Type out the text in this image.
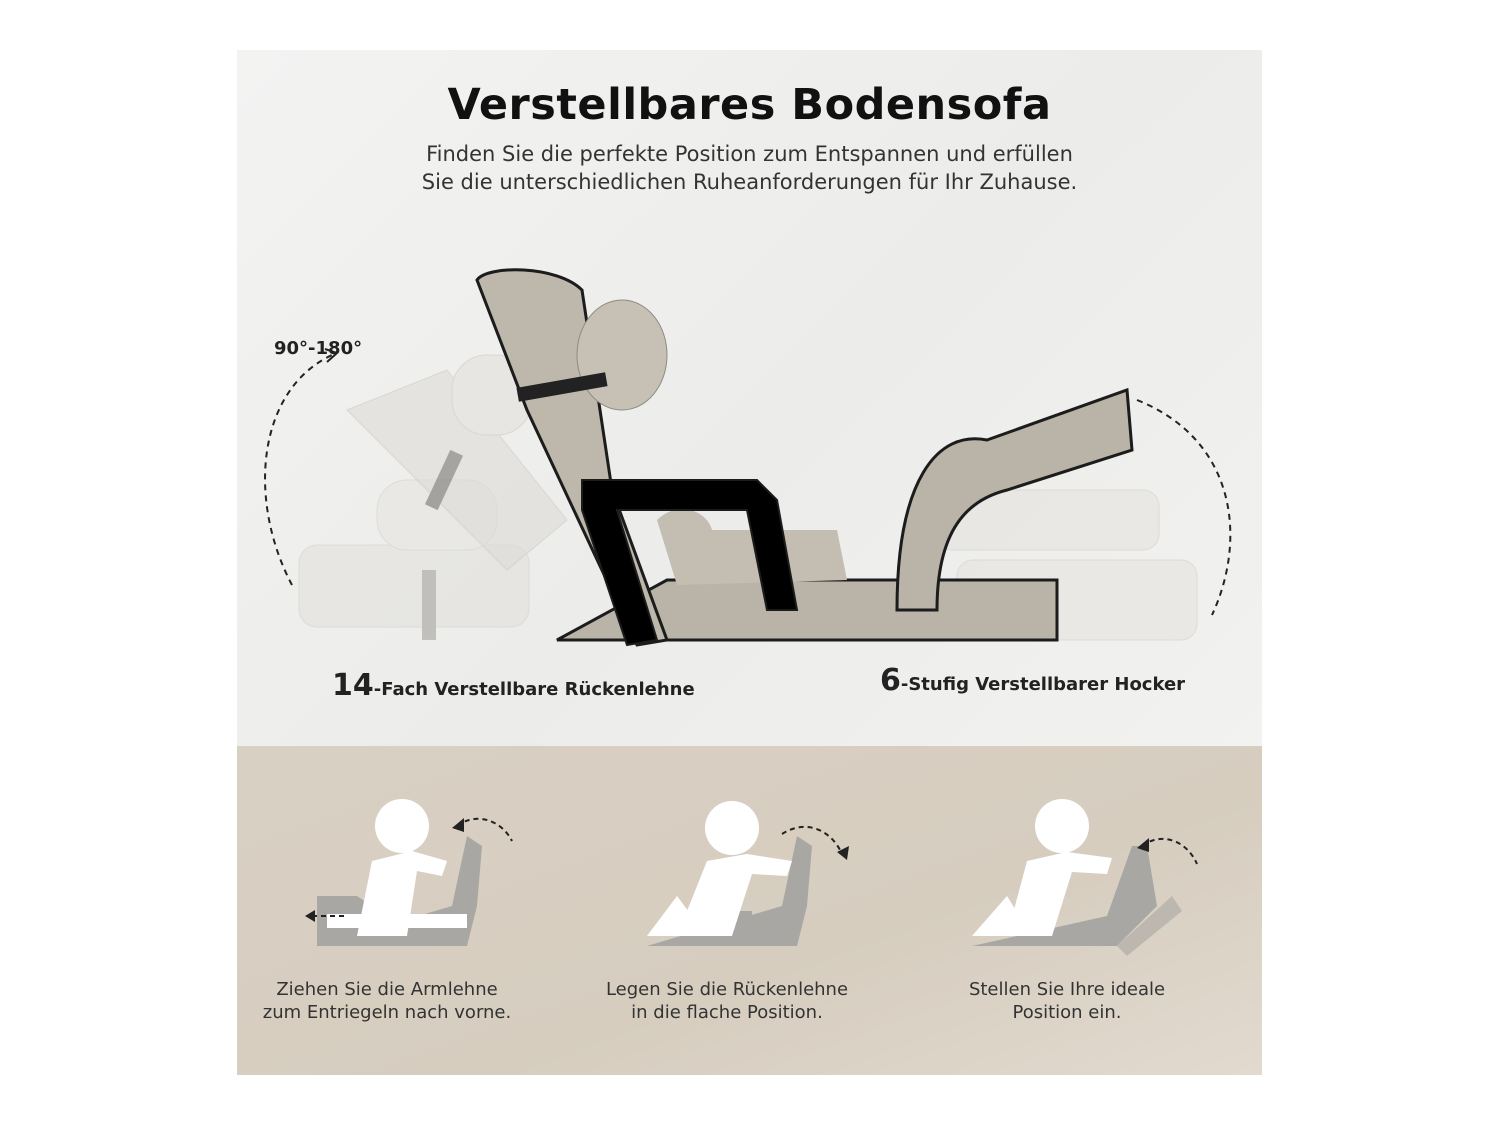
Verstellbares Bodensofa
Finden Sie die perfekte Position zum Entspannen und erfüllen
Sie die unterschiedlichen Ruheanforderungen für Ihr Zuhause.
90°-180°
14-Fach Verstellbare Rückenlehne	6-Stufig Verstellbarer Hocker
Ziehen Sie die Armlehne
zum Entriegeln nach vorne.
Legen Sie die Rückenlehne
in die flache Position.
Stellen Sie Ihre ideale
Position ein.
